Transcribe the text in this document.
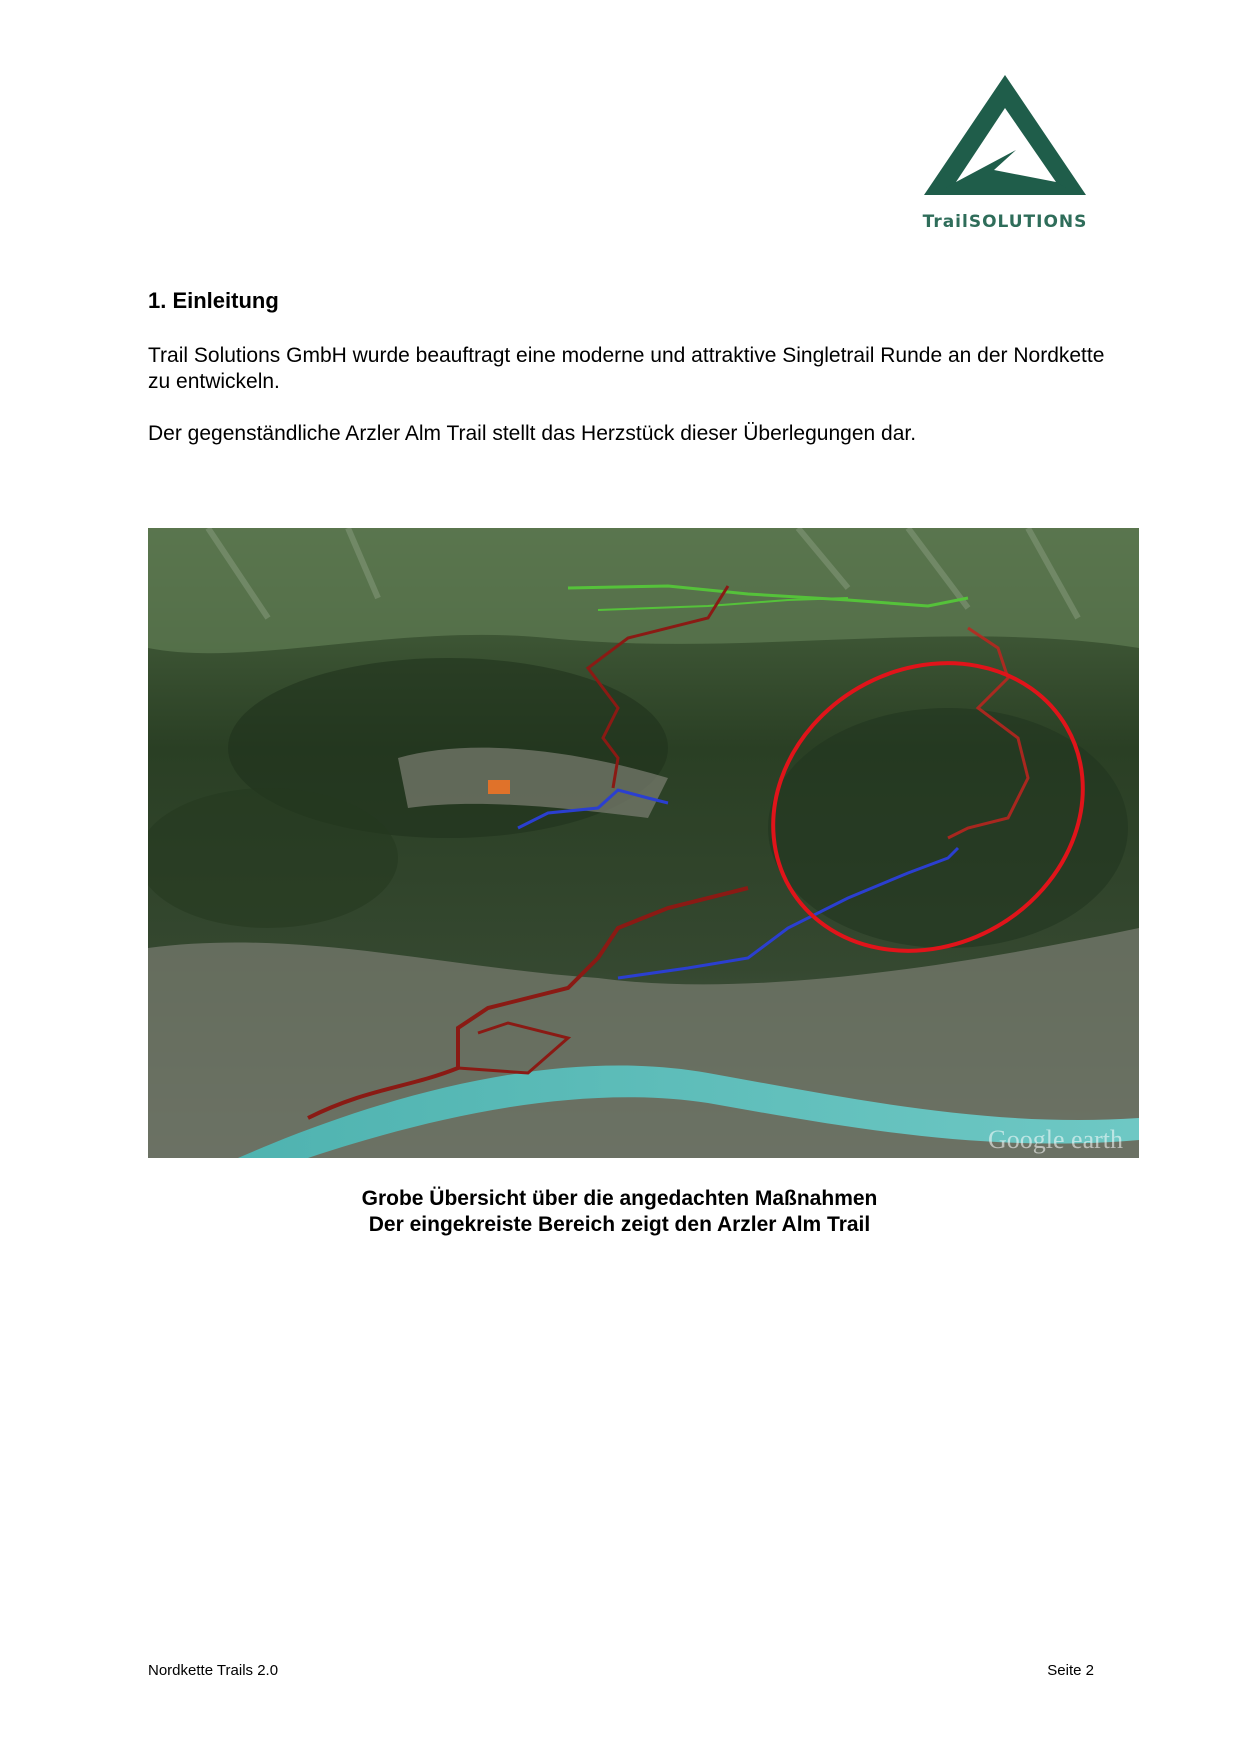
TrailSOLUTIONS
1. Einleitung
Trail Solutions GmbH wurde beauftragt eine moderne und attraktive Singletrail Runde an der Nordkette zu entwickeln.
Der gegenständliche Arzler Alm Trail stellt das Herzstück dieser Überlegungen dar.
Google earth
Grobe Übersicht über die angedachten Maßnahmen
Der eingekreiste Bereich zeigt den Arzler Alm Trail
Nordkette Trails 2.0	Seite 2
